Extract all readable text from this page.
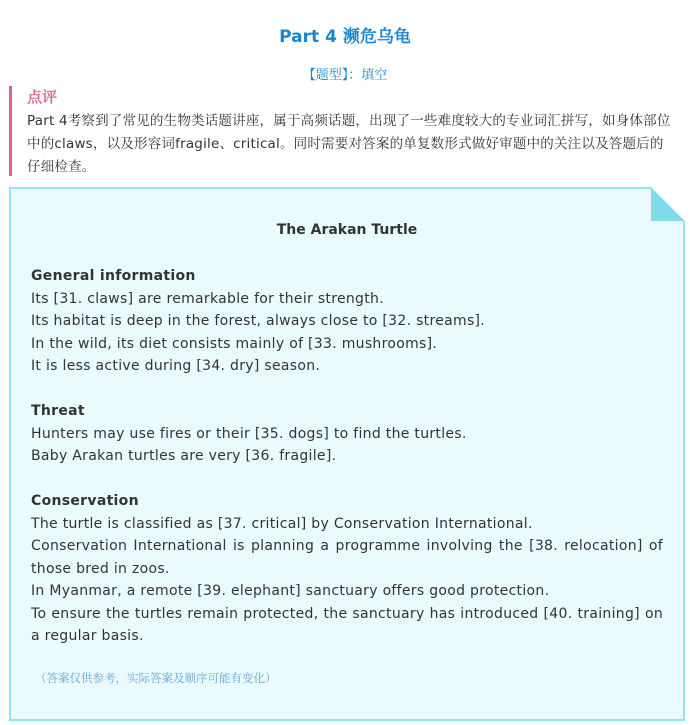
Part 4 濒危乌龟
【题型】：填空
点评
Part 4考察到了常见的生物类话题讲座，属于高频话题，出现了一些难度较大的专业词汇拼写，如身体部位中的claws，以及形容词fragile、critical。同时需要对答案的单复数形式做好审题中的关注以及答题后的仔细检查。
The Arakan Turtle
General information
Its [31. claws] are remarkable for their strength.
Its habitat is deep in the forest, always close to [32. streams].
In the wild, its diet consists mainly of [33. mushrooms].
It is less active during [34. dry] season.
Threat
Hunters may use fires or their [35. dogs] to find the turtles.
Baby Arakan turtles are very [36. fragile].
Conservation
The turtle is classified as [37. critical] by Conservation International.
Conservation International is planning a programme involving the [38. relocation] of those bred in zoos.
In Myanmar, a remote [39. elephant] sanctuary offers good protection.
To ensure the turtles remain protected, the sanctuary has introduced [40. training] on a regular basis.
（答案仅供参考，实际答案及顺序可能有变化）
